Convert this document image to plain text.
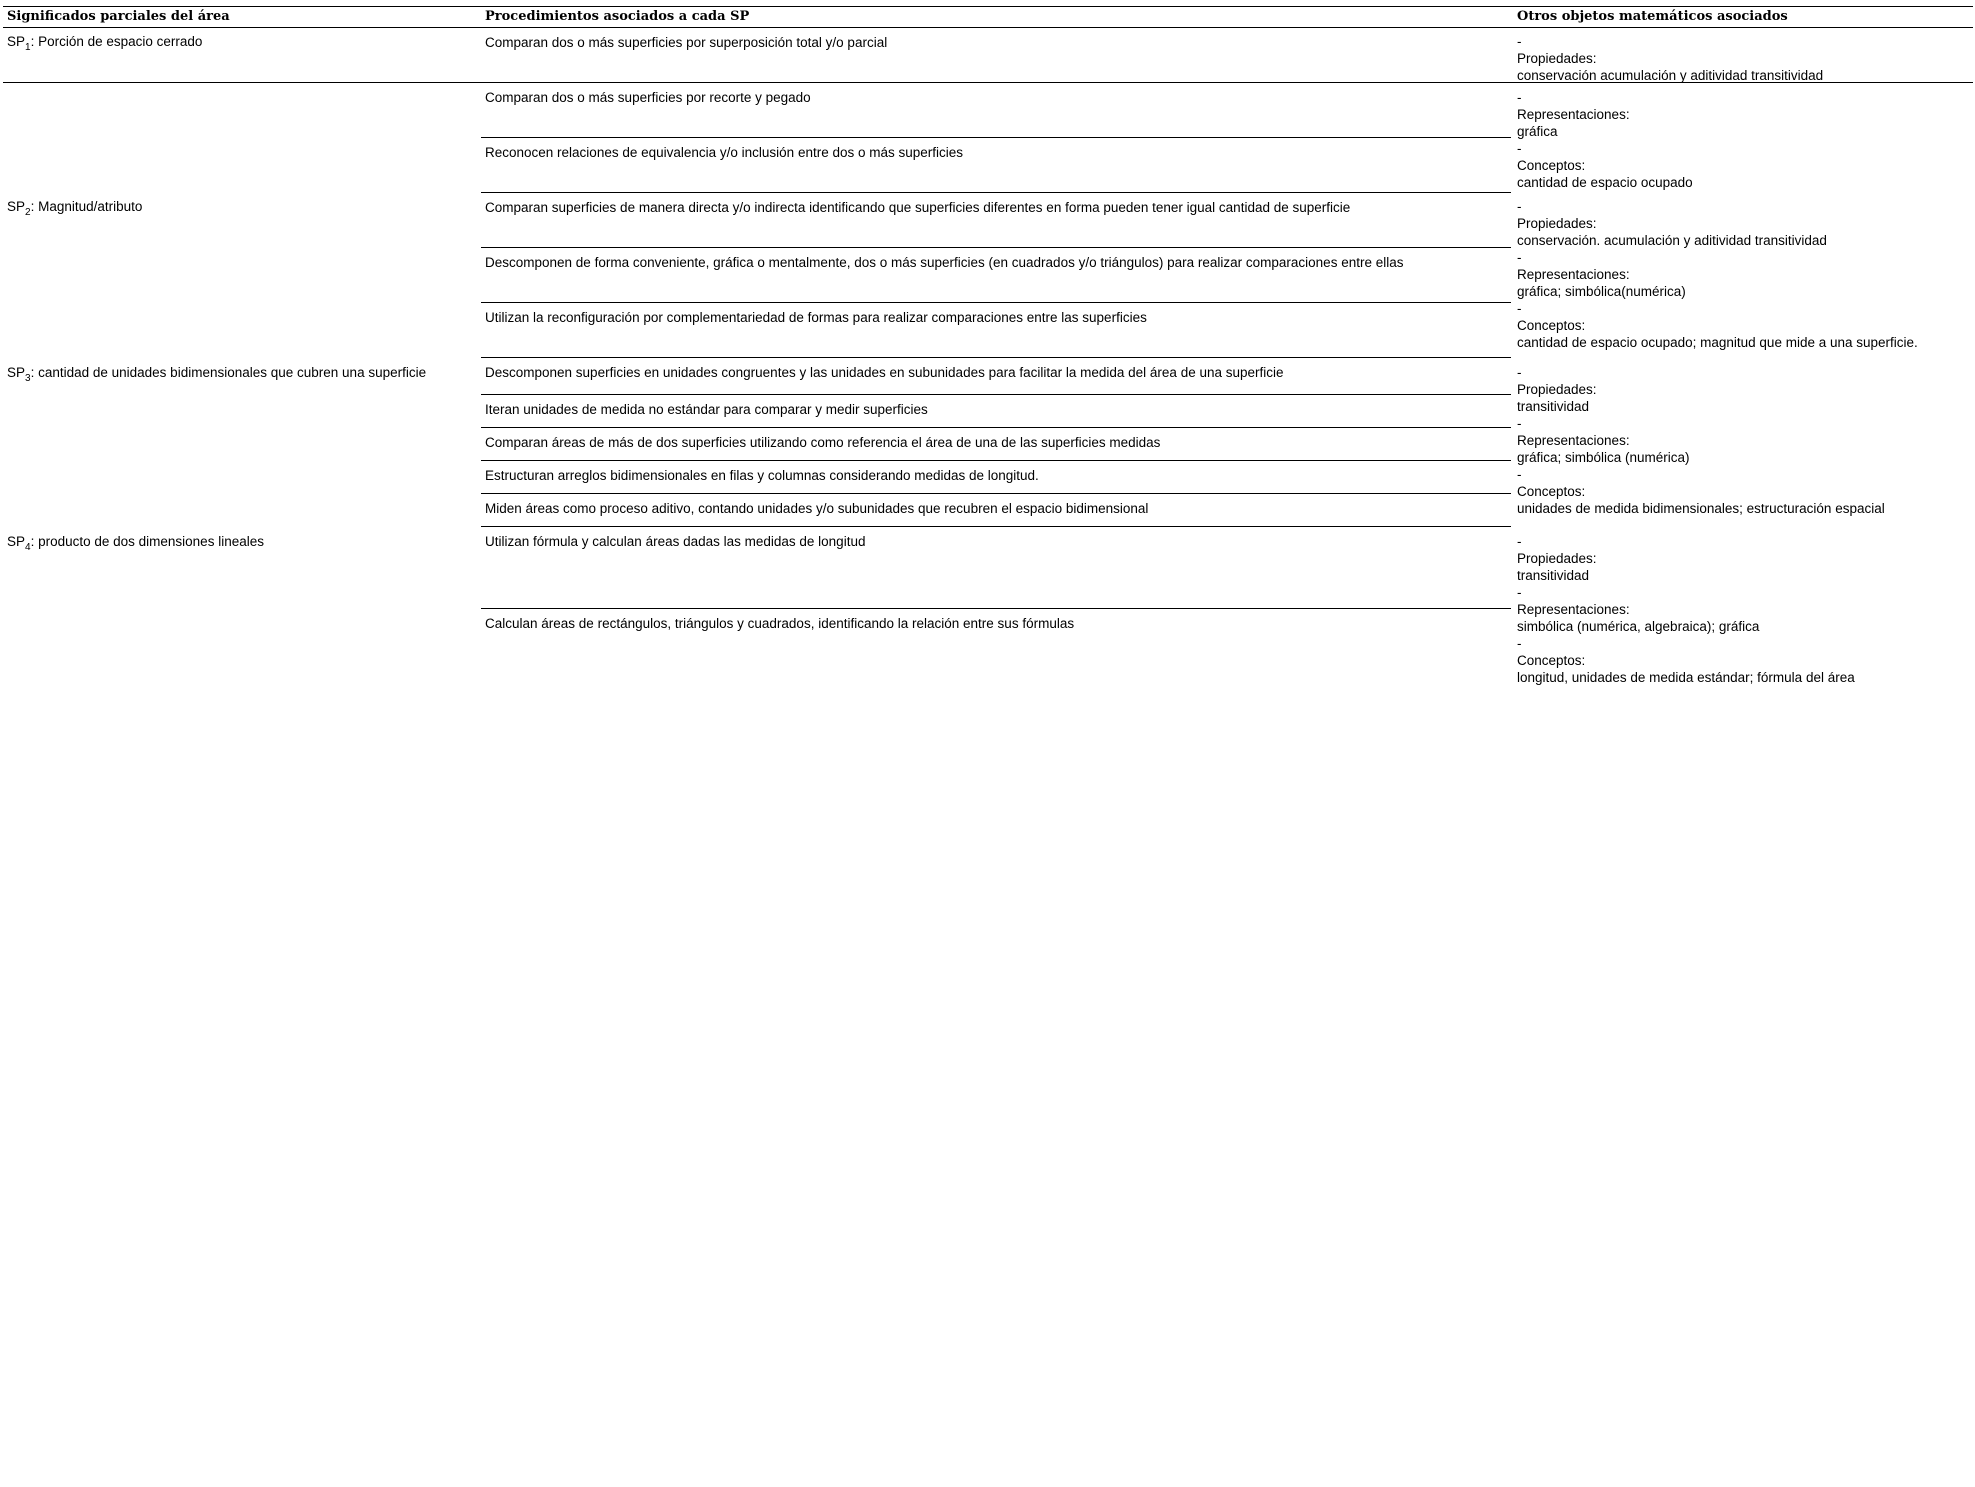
Significados parciales del área	Procedimientos asociados a cada SP	Otros objetos matemáticos asociados
$SP_1$: Porción de espacio cerrado
$SP_2$: Magnitud/atributo
$SP_3$: cantidad de unidades bidimensionales que cubren una superficie
$SP_4$: producto de dos dimensiones lineales
Comparan dos o más superficies por superposición total y/o parcial
Comparan dos o más superficies por recorte y pegado
Reconocen relaciones de equivalencia y/o inclusión entre dos o más superficies
Comparan superficies de manera directa y/o indirecta identificando que superficies diferentes en forma pueden tener igual cantidad de superficie
Descomponen de forma conveniente, gráfica o mentalmente, dos o más superficies (en cuadrados y/o triángulos) para realizar comparaciones entre ellas
Utilizan la reconfiguración por complementariedad de formas para realizar comparaciones entre las superficies
Descomponen superficies en unidades congruentes y las unidades en subunidades para facilitar la medida del área de una superficie
Iteran unidades de medida no estándar para comparar y medir superficies
Comparan áreas de más de dos superficies utilizando como referencia el área de una de las superficies medidas
Estructuran arreglos bidimensionales en filas y columnas considerando medidas de longitud.
Miden áreas como proceso aditivo, contando unidades y/o subunidades que recubren el espacio bidimensional
Utilizan fórmula y calculan áreas dadas las medidas de longitud
Calculan áreas de rectángulos, triángulos y cuadrados, identificando la relación entre sus fórmulas
-
Propiedades:
conservación acumulación y aditividad transitividad
-
Representaciones:
gráfica
-
Conceptos:
cantidad de espacio ocupado
-
Propiedades:
conservación. acumulación y aditividad transitividad
-
Representaciones:
gráfica; simbólica(numérica)
-
Conceptos:
cantidad de espacio ocupado; magnitud que mide a una superficie.
-
Propiedades:
transitividad
-
Representaciones:
gráfica; simbólica (numérica)
-
Conceptos:
unidades de medida bidimensionales; estructuración espacial
-
Propiedades:
transitividad
-
Representaciones:
simbólica (numérica, algebraica); gráfica
-
Conceptos:
longitud, unidades de medida estándar; fórmula del área
